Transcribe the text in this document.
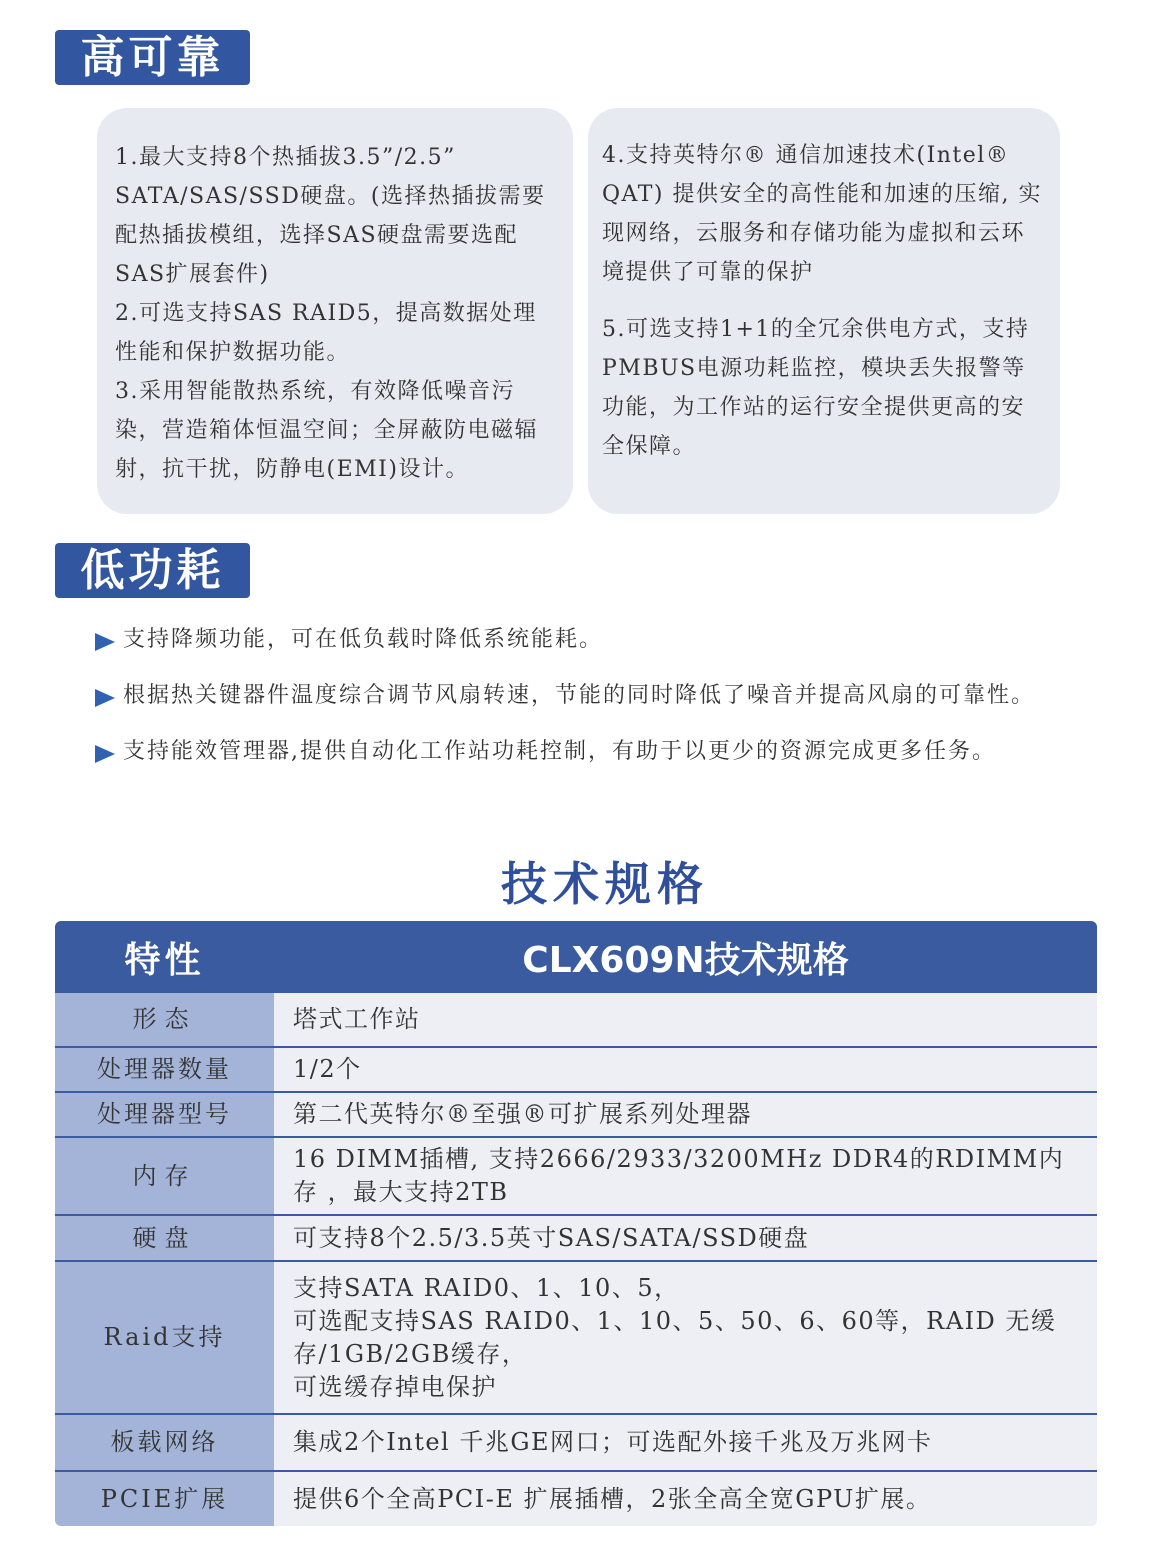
高可靠

1.最大支持8个热插拔3.5”/2.5” SATA/SAS/SSD硬盘。(选择热插拔需要配热插拔模组，选择SAS硬盘需要选配SAS扩展套件)

2.可选支持SAS RAID5，提高数据处理性能和保护数据功能。

3.采用智能散热系统，有效降低噪音污染，营造箱体恒温空间；全屏蔽防电磁辐射，抗干扰，防静电(EMI)设计。

4.支持英特尔® 通信加速技术(Intel® QAT) 提供安全的高性能和加速的压缩, 实现网络，云服务和存储功能为虚拟和云环境提供了可靠的保护

5.可选支持1+1的全冗余供电方式，支持PMBUS电源功耗监控，模块丢失报警等功能，为工作站的运行安全提供更高的安全保障。

低功耗
支持降频功能，可在低负载时降低系统能耗。
根据热关键器件温度综合调节风扇转速，节能的同时降低了噪音并提高风扇的可靠性。
支持能效管理器,提供自动化工作站功耗控制，有助于以更少的资源完成更多任务。
技术规格
特性	CLX609N技术规格
形态	塔式工作站
处理器数量	1/2个
处理器型号	第二代英特尔®至强®可扩展系列处理器
内存	16 DIMM插槽, 支持2666/2933/3200MHz DDR4的RDIMM内存 ，最大支持2TB
硬盘	可支持8个2.5/3.5英寸SAS/SATA/SSD硬盘
Raid支持	支持SATA RAID0、1、10、5，
可选配支持SAS RAID0、1、10、5、50、6、60等，RAID 无缓存/1GB/2GB缓存，
可选缓存掉电保护
板载网络	集成2个Intel 千兆GE网口；可选配外接千兆及万兆网卡
PCIE扩展	提供6个全高PCI-E 扩展插槽，2张全高全宽GPU扩展。
